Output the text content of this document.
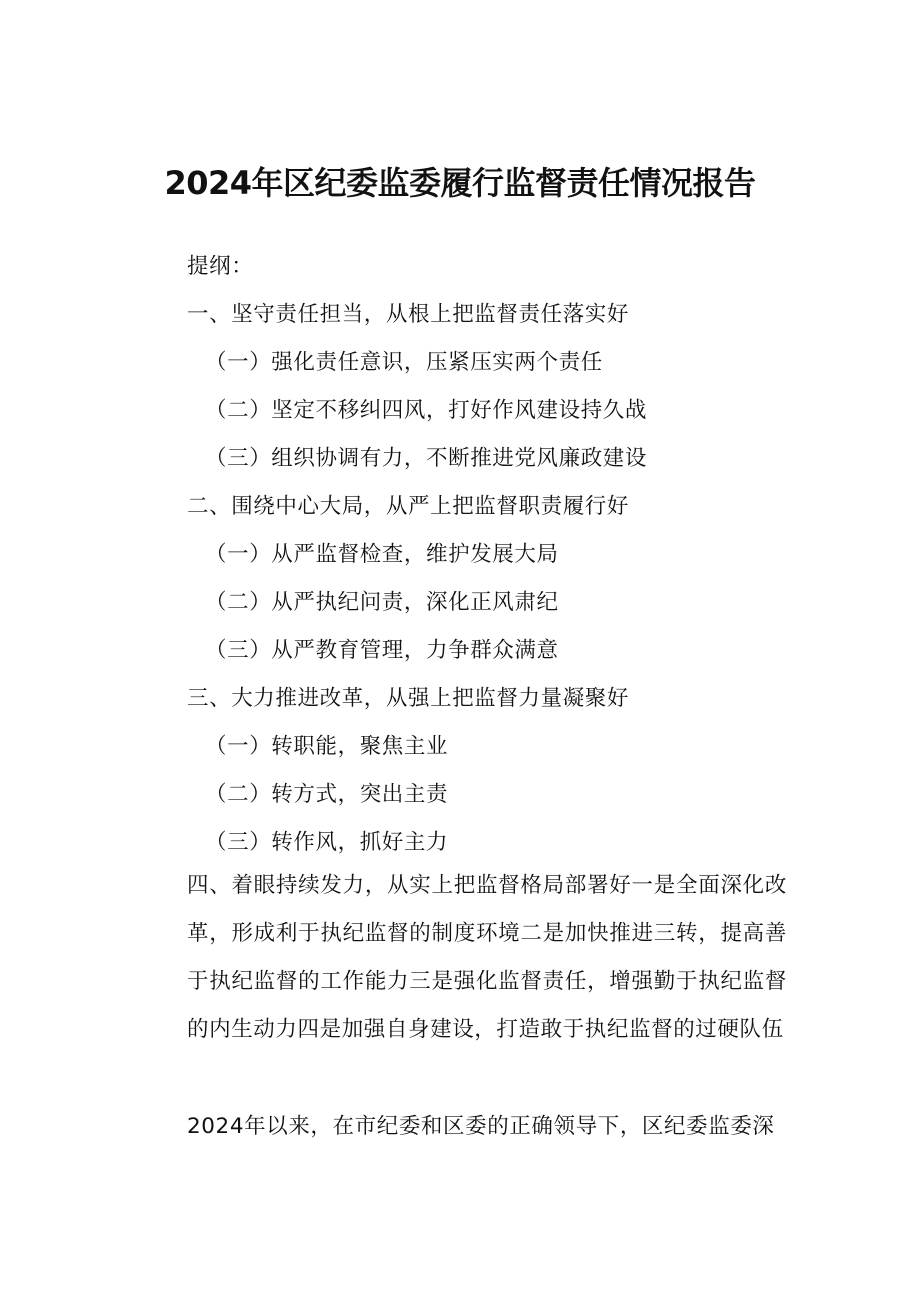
2024年区纪委监委履行监督责任情况报告
提纲：
一、坚守责任担当，从根上把监督责任落实好
（一）强化责任意识，压紧压实两个责任
（二）坚定不移纠四风，打好作风建设持久战
（三）组织协调有力，不断推进党风廉政建设
二、围绕中心大局，从严上把监督职责履行好
（一）从严监督检查，维护发展大局
（二）从严执纪问责，深化正风肃纪
（三）从严教育管理，力争群众满意
三、大力推进改革，从强上把监督力量凝聚好
（一）转职能，聚焦主业
（二）转方式，突出主责
（三）转作风，抓好主力

四、着眼持续发力，从实上把监督格局部署好一是全面深化改革，形成利于执纪监督的制度环境二是加快推进三转，提高善于执纪监督的工作能力三是强化监督责任，增强勤于执纪监督的内生动力四是加强自身建设，打造敢于执纪监督的过硬队伍

2024年以来，在市纪委和区委的正确领导下，区纪委监委深
